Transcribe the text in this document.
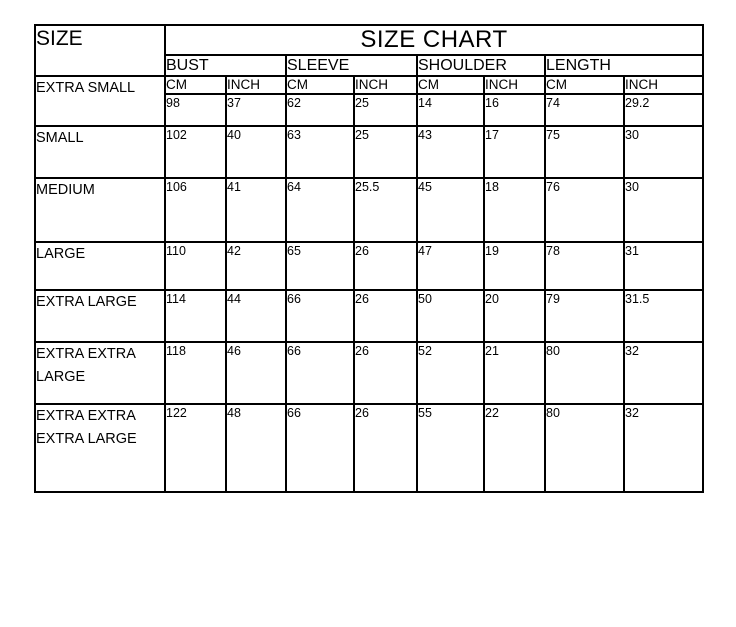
SIZE	SIZE CHART							
	BUST		SLEEVE		SHOULDER		LENGTH	
EXTRA SMALL	CM	INCH	CM	INCH	CM	INCH	CM	INCH
	98	37	62	25	14	16	74	29.2
SMALL	102	40	63	25	43	17	75	30
MEDIUM	106	41	64	25.5	45	18	76	30
LARGE	110	42	65	26	47	19	78	31
EXTRA LARGE	114	44	66	26	50	20	79	31.5
EXTRA EXTRA LARGE	118	46	66	26	52	21	80	32
EXTRA EXTRA EXTRA LARGE	122	48	66	26	55	22	80	32
